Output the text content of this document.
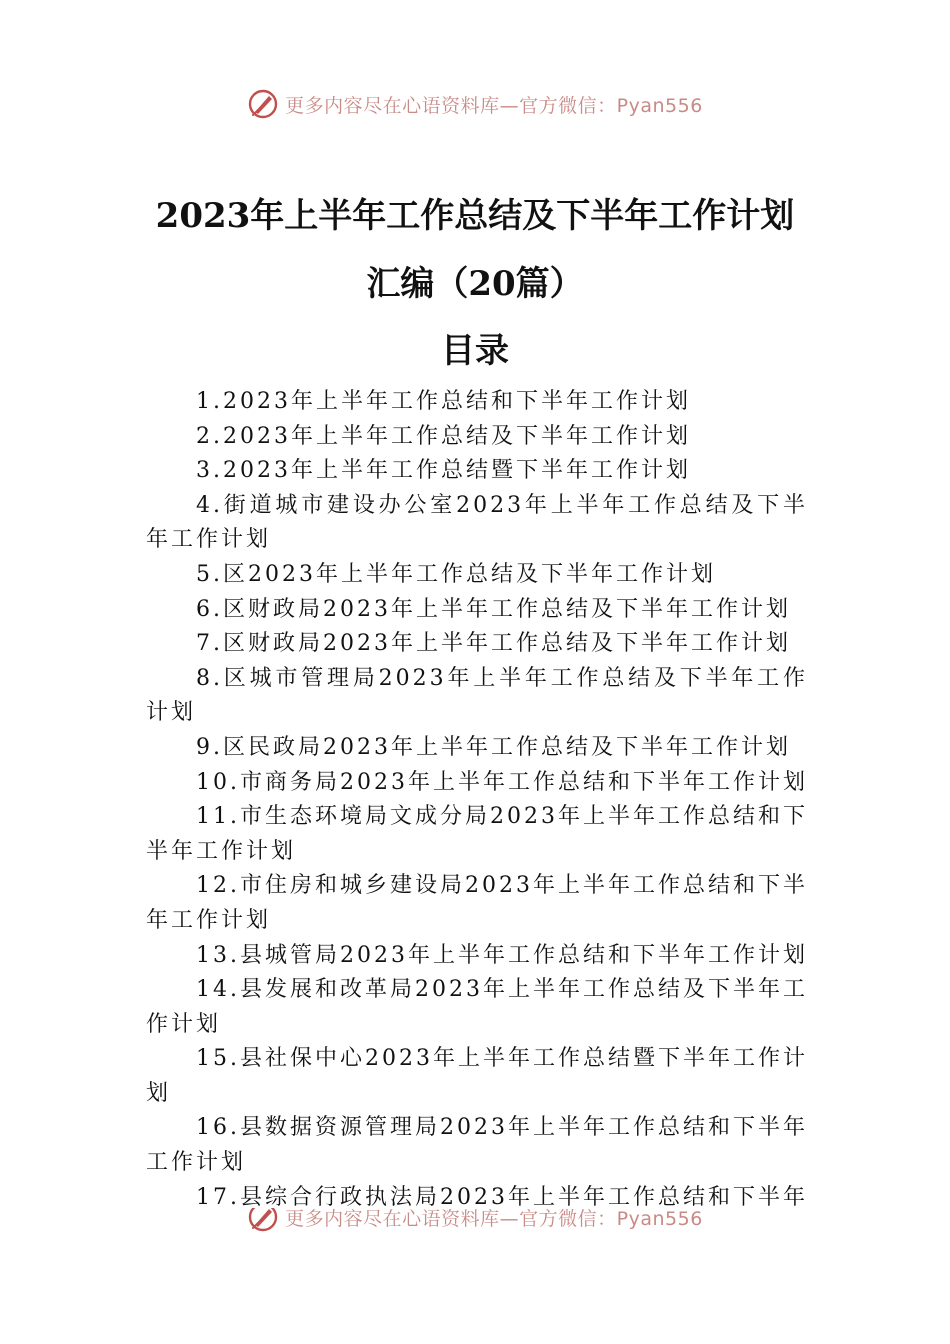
更多内容尽在心语资料库—官方微信：Pyan556
2023年上半年工作总结及下半年工作计划
汇编（20篇）
目录
1.2023年上半年工作总结和下半年工作计划
2.2023年上半年工作总结及下半年工作计划
3.2023年上半年工作总结暨下半年工作计划
4.街道城市建设办公室2023年上半年工作总结及下半年工作计划
5.区2023年上半年工作总结及下半年工作计划
6.区财政局2023年上半年工作总结及下半年工作计划
7.区财政局2023年上半年工作总结及下半年工作计划
8.区城市管理局2023年上半年工作总结及下半年工作计划
9.区民政局2023年上半年工作总结及下半年工作计划
10.市商务局2023年上半年工作总结和下半年工作计划
11.市生态环境局文成分局2023年上半年工作总结和下半年工作计划
12.市住房和城乡建设局2023年上半年工作总结和下半年工作计划
13.县城管局2023年上半年工作总结和下半年工作计划
14.县发展和改革局2023年上半年工作总结及下半年工作计划
15.县社保中心2023年上半年工作总结暨下半年工作计划
16.县数据资源管理局2023年上半年工作总结和下半年工作计划
17.县综合行政执法局2023年上半年工作总结和下半年
更多内容尽在心语资料库—官方微信：Pyan556
